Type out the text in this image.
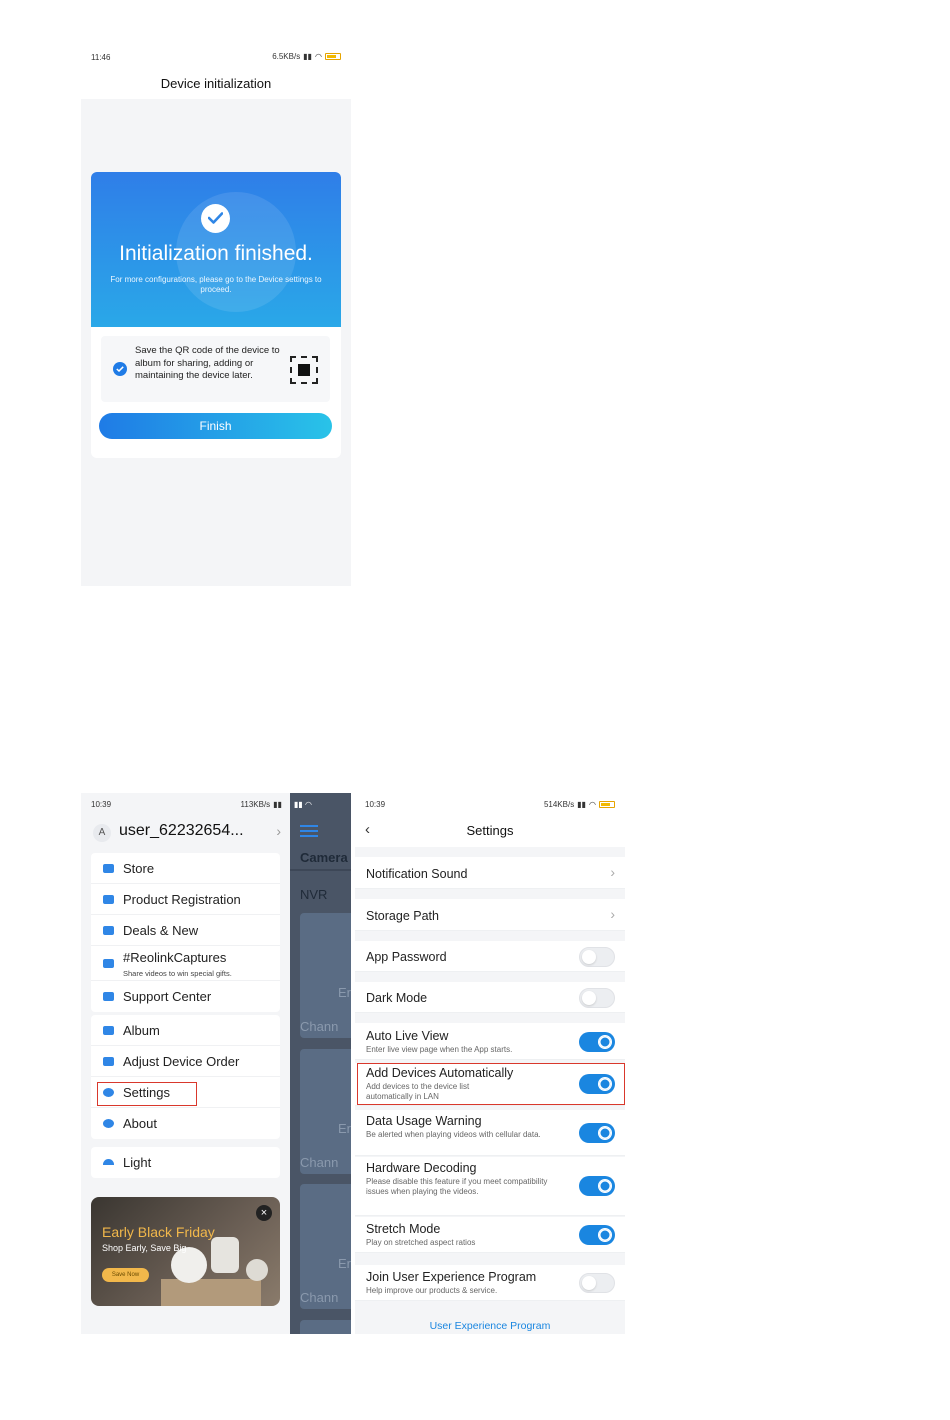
11:46	6.5KB/s ▮▮ ◠
Device initialization
Initialization finished.
For more configurations, please go to the Device settings to proceed.
Save the QR code of the device to album for sharing, adding or maintaining the device later.
Finish
▮▮ ◠
Camera
NVR
Er
Chann
Er
Chann
Er
Chann
10:39	113KB/s ▮▮
A user_62232654... ›
Store
Product Registration
Deals & New
#ReolinkCaptures
Share videos to win special gifts.
Support Center
Album
Adjust Device Order
Settings
About
Light
Early Black Friday
Shop Early, Save Big
Save Now
×
10:39	514KB/s ▮▮ ◠
‹	Settings
Notification Sound	›
Storage Path	›
App Password
Dark Mode
Auto Live View
Enter live view page when the App starts.
Add Devices Automatically
Add devices to the device list automatically in LAN
Data Usage Warning
Be alerted when playing videos with cellular data.
Hardware Decoding
Please disable this feature if you meet compatibility issues when playing the videos.
Stretch Mode
Play on stretched aspect ratios
Join User Experience Program
Help improve our products & service.
User Experience Program
